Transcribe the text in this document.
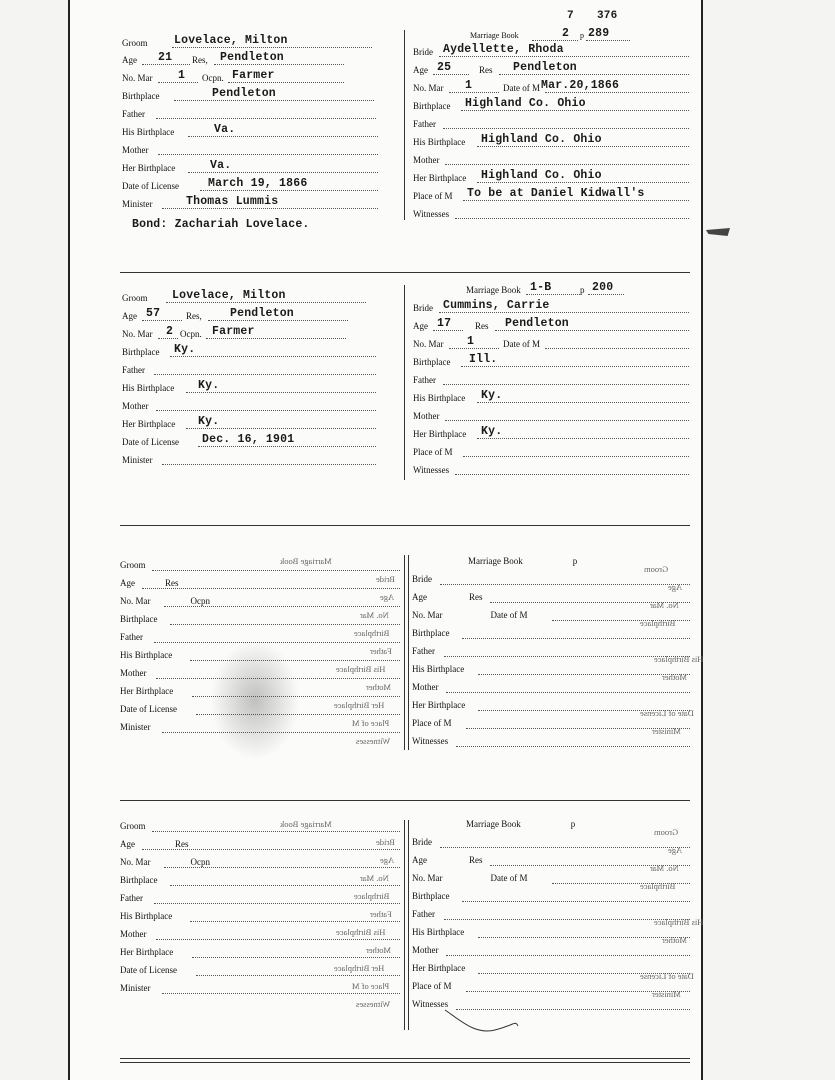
Groom Lovelace, Milton
Age 21 Res, Pendleton
No. Mar 1 Ocpn. Farmer
Birthplace	Pendleton
Father
His Birthplace	Va.
Mother
Her Birthplace	Va.
Date of License	March 19, 1866
Minister	Thomas Lummis
Bond: Zachariah Lovelace.
7 376
Marriage Book	2 p 289
Bride Aydellette, Rhoda
Age 25	Res Pendleton
No. Mar 1	Date of M Mar.20,1866
Birthplace Highland Co. Ohio
Father
His Birthplace Highland Co. Ohio
Mother
Her Birthplace Highland Co. Ohio
Place of M To be at Daniel Kidwall's
Witnesses
Groom Lovelace, Milton
Age 57	Res, Pendleton
No. Mar 2 Ocpn. Farmer
Birthplace Ky.
Father
His Birthplace Ky.
Mother
Her Birthplace Ky.
Date of License Dec. 16, 1901
Minister
Marriage Book 1-B	p 200
Bride Cummins, Carrie
Age 17	Res Pendleton
No. Mar 1	Date of M
Birthplace Ill.
Father
His Birthplace Ky.
Mother
Her Birthplace Ky.
Place of M
Witnesses
Groom
Age	Res
No. Mar	Ocpn
Birthplace
Father
His Birthplace
Mother
Her Birthplace
Date of License
Minister
Marriage Book	p
Bride
Age	Res
No. Mar	Date of M
Birthplace
Father
His Birthplace
Mother
Her Birthplace
Place of M
Witnesses
Marriage Book
Bride
Age
No. Mar
Birthplace
Father
His Birthplace
Mother
Her Birthplace
Place of M
Witnesses
Groom
Age
No. Mar
Birthplace
His Birthplace
Mother
Date of License
Minister
Groom
Age	Res
No. Mar	Ocpn
Birthplace
Father
His Birthplace
Mother
Her Birthplace
Date of License
Minister
Marriage Book	p
Bride
Age	Res
No. Mar	Date of M
Birthplace
Father
His Birthplace
Mother
Her Birthplace
Place of M
Witnesses
Marriage Book
Bride
Age
No. Mar
Birthplace
Father
His Birthplace
Mother
Her Birthplace
Place of M
Witnesses
Groom
Age
No. Mar
Birthplace
His Birthplace
Mother
Date of License
Minister
